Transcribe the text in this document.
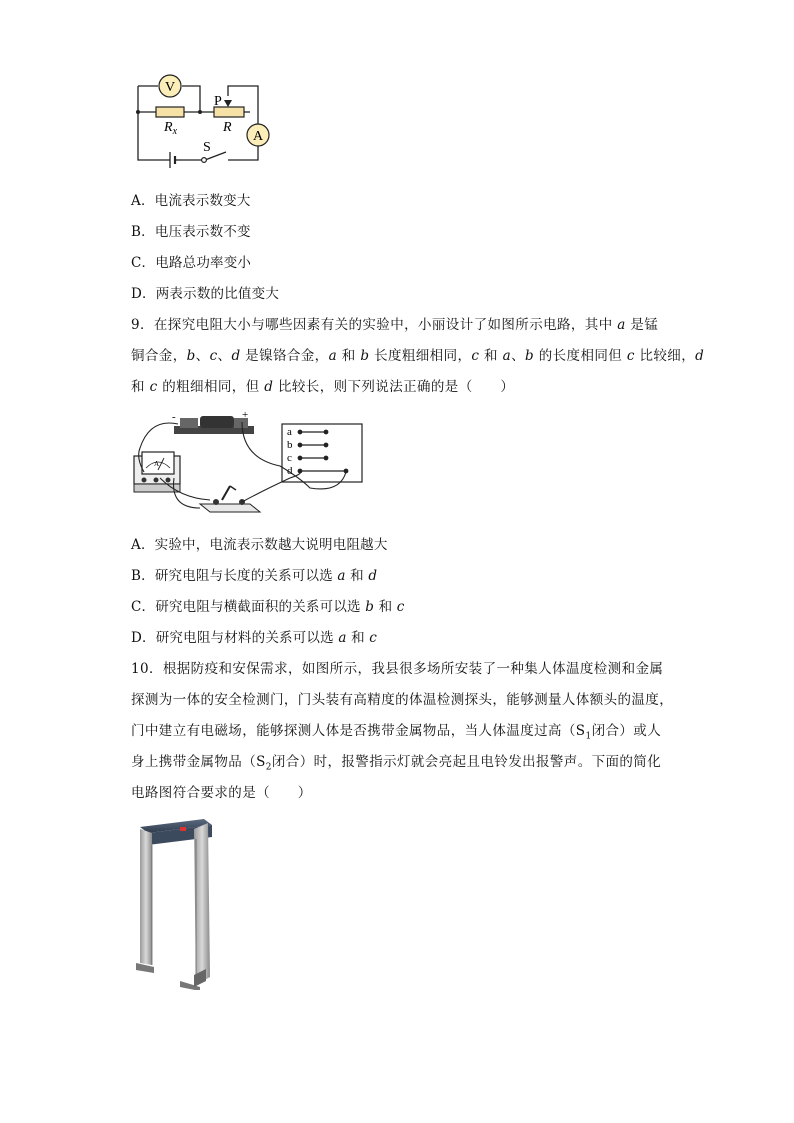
V
A
P
$R_x$	R
S
A．电流表示数变大
B．电压表示数不变
C．电路总功率变小
D．两表示数的比值变大
9．在探究电阻大小与哪些因素有关的实验中，小丽设计了如图所示电路，其中 a 是锰
铜合金，b、c、d 是镍铬合金，a 和 b 长度粗细相同，c 和 a、b 的长度相同但 c 比较细，d
和 c 的粗细相同，但 d 比较长，则下列说法正确的是（　　）
-	+
a
b
c
d
A
A．实验中，电流表示数越大说明电阻越大
B．研究电阻与长度的关系可以选 a 和 d
C．研究电阻与横截面积的关系可以选 b 和 c
D．研究电阻与材料的关系可以选 a 和 c
10．根据防疫和安保需求，如图所示，我县很多场所安装了一种集人体温度检测和金属
探测为一体的安全检测门，门头装有高精度的体温检测探头，能够测量人体额头的温度，
门中建立有电磁场，能够探测人体是否携带金属物品，当人体温度过高（$S_1$闭合）或人
身上携带金属物品（$S_2$闭合）时，报警指示灯就会亮起且电铃发出报警声。下面的简化
电路图符合要求的是（　　）
